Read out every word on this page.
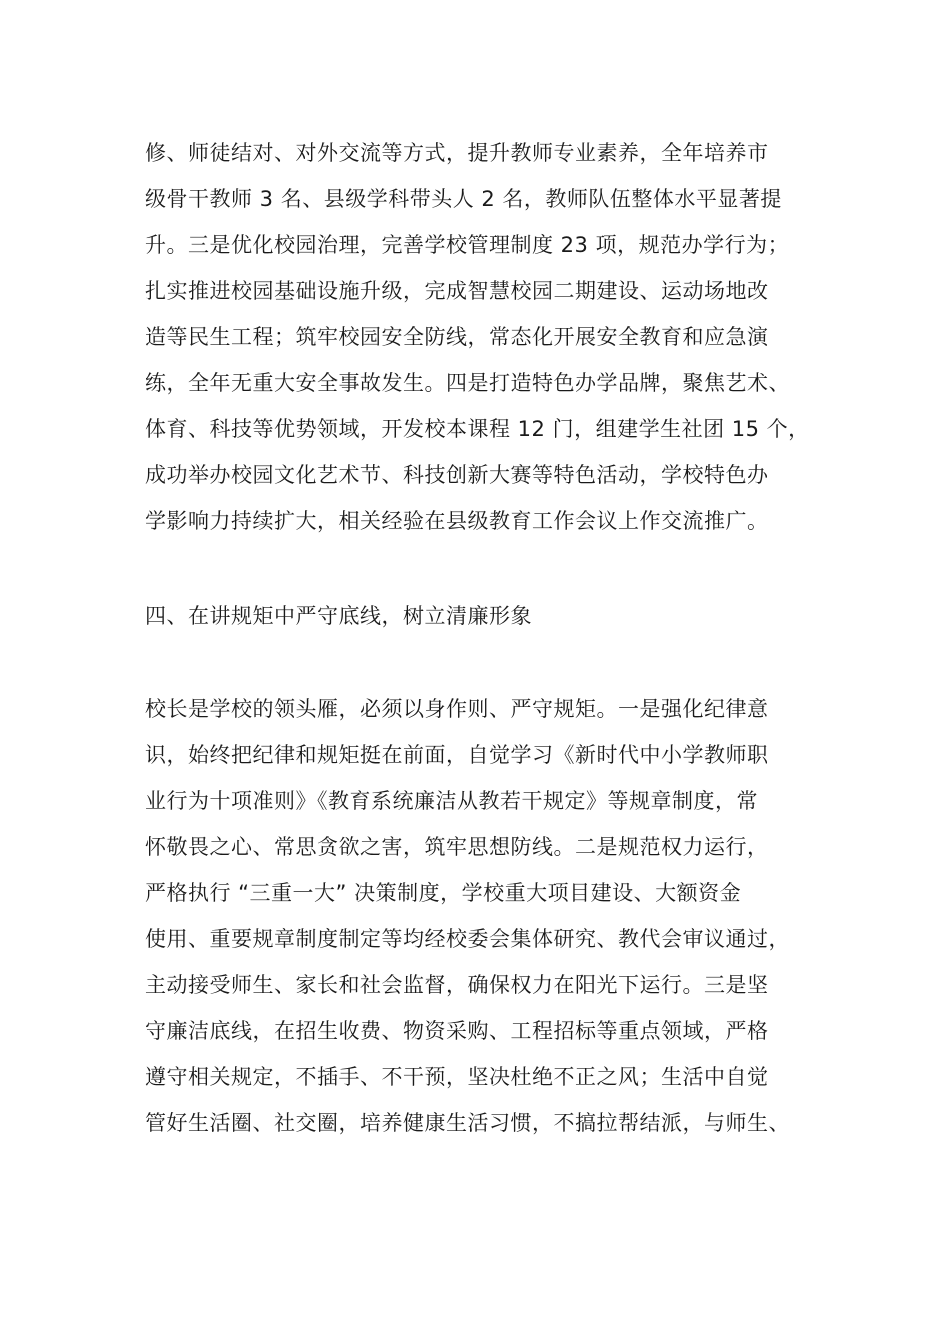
修、师徒结对、对外交流等方式，提升教师专业素养，全年培养市
级骨干教师 3 名、县级学科带头人 2 名，教师队伍整体水平显著提
升。三是优化校园治理，完善学校管理制度 23 项，规范办学行为；
扎实推进校园基础设施升级，完成智慧校园二期建设、运动场地改
造等民生工程；筑牢校园安全防线，常态化开展安全教育和应急演
练，全年无重大安全事故发生。四是打造特色办学品牌，聚焦艺术、
体育、科技等优势领域，开发校本课程 12 门，组建学生社团 15 个，
成功举办校园文化艺术节、科技创新大赛等特色活动，学校特色办
学影响力持续扩大，相关经验在县级教育工作会议上作交流推广。
四、在讲规矩中严守底线，树立清廉形象
校长是学校的领头雁，必须以身作则、严守规矩。一是强化纪律意
识，始终把纪律和规矩挺在前面，自觉学习《新时代中小学教师职
业行为十项准则》《教育系统廉洁从教若干规定》等规章制度，常
怀敬畏之心、常思贪欲之害，筑牢思想防线。二是规范权力运行，
严格执行 “三重一大” 决策制度，学校重大项目建设、大额资金
使用、重要规章制度制定等均经校委会集体研究、教代会审议通过，
主动接受师生、家长和社会监督，确保权力在阳光下运行。三是坚
守廉洁底线，在招生收费、物资采购、工程招标等重点领域，严格
遵守相关规定，不插手、不干预，坚决杜绝不正之风；生活中自觉
管好生活圈、社交圈，培养健康生活习惯，不搞拉帮结派，与师生、
